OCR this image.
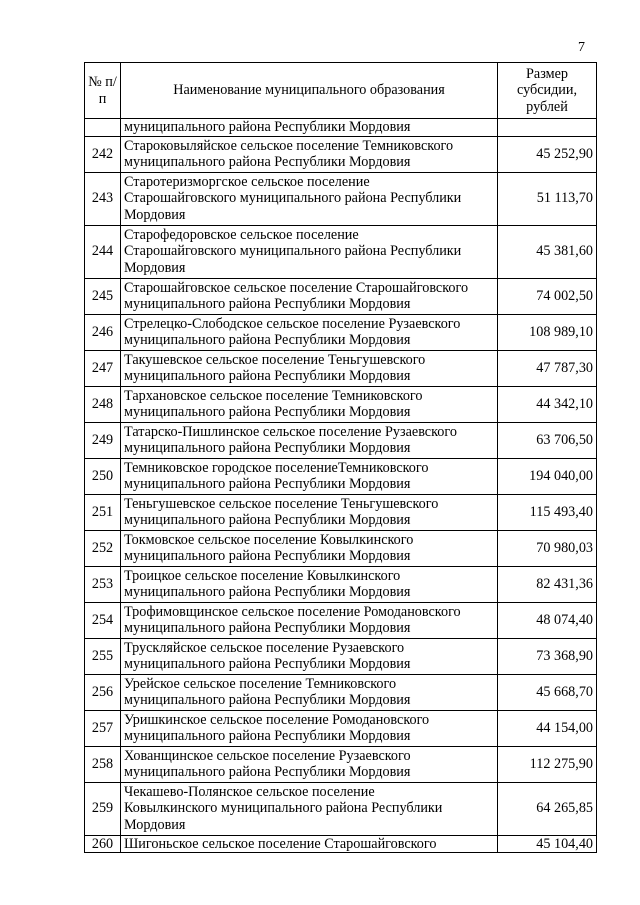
7
№ п/п	Наименование муниципального образования	Размер субсидии, рублей
	муниципального района Республики Мордовия	
242	Староковыляйское сельское поселение Темниковского
муниципального района Республики Мордовия	45 252,90
243	Старотеризморгское сельское поселение
Старошайговского муниципального района Республики
Мордовия	51 113,70
244	Старофедоровское сельское поселение
Старошайговского муниципального района Республики
Мордовия	45 381,60
245	Старошайговское сельское поселение Старошайговского
муниципального района Республики Мордовия	74 002,50
246	Стрелецко-Слободское сельское поселение Рузаевского
муниципального района Республики Мордовия	108 989,10
247	Такушевское сельское поселение Теньгушевского
муниципального района Республики Мордовия	47 787,30
248	Тархановское сельское поселение Темниковского
муниципального района Республики Мордовия	44 342,10
249	Татарско-Пишлинское сельское поселение Рузаевского
муниципального района Республики Мордовия	63 706,50
250	Темниковское городское поселениеТемниковского
муниципального района Республики Мордовия	194 040,00
251	Теньгушевское сельское поселение Теньгушевского
муниципального района Республики Мордовия	115 493,40
252	Токмовское сельское поселение Ковылкинского
муниципального района Республики Мордовия	70 980,03
253	Троицкое сельское поселение Ковылкинского
муниципального района Республики Мордовия	82 431,36
254	Трофимовщинское сельское поселение Ромодановского
муниципального района Республики Мордовия	48 074,40
255	Трускляйское сельское поселение Рузаевского
муниципального района Республики Мордовия	73 368,90
256	Урейское сельское поселение Темниковского
муниципального района Республики Мордовия	45 668,70
257	Уришкинское сельское поселение Ромодановского
муниципального района Республики Мордовия	44 154,00
258	Хованщинское сельское поселение Рузаевского
муниципального района Республики Мордовия	112 275,90
259	Чекашево-Полянское сельское поселение
Ковылкинского муниципального района Республики
Мордовия	64 265,85
260	Шигоньское сельское поселение Старошайговского	45 104,40
